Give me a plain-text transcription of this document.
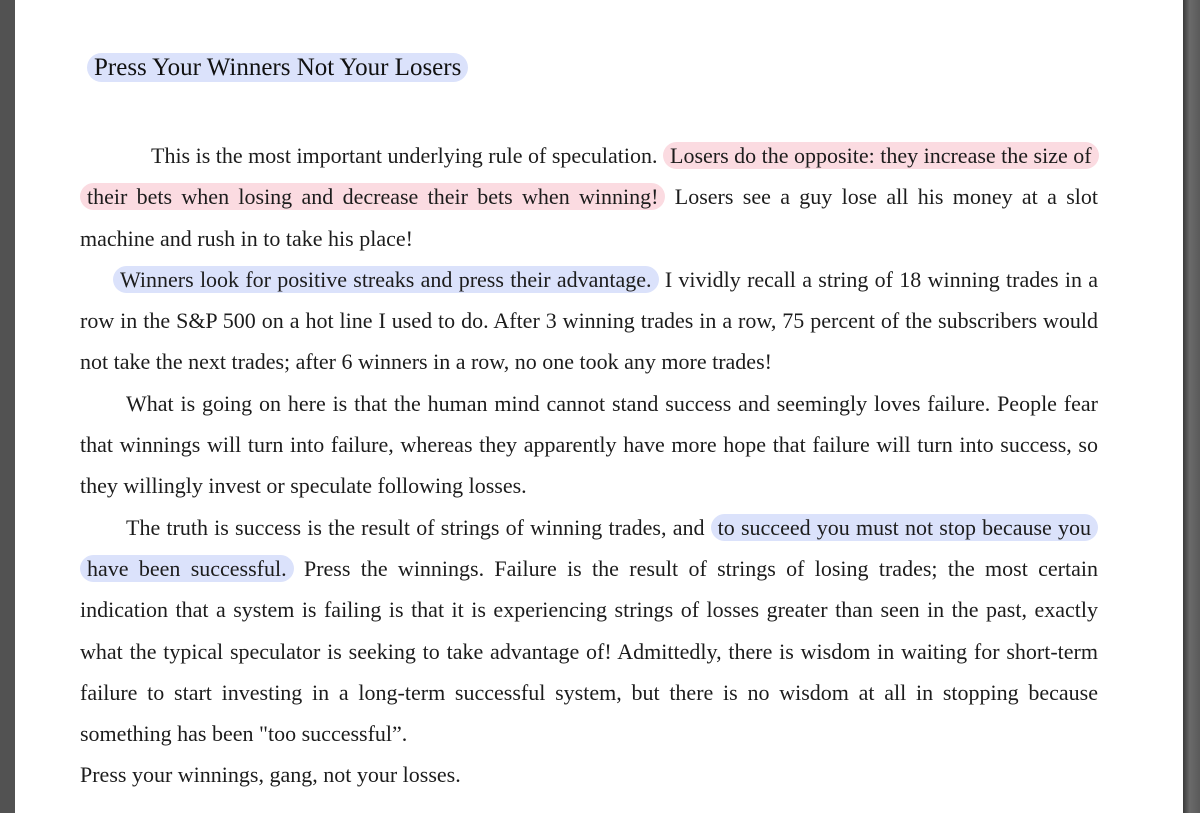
Press Your Winners Not Your Losers

This is the most important underlying rule of speculation. Losers do the opposite: they increase the size of their bets when losing and decrease their bets when winning! Losers see a guy lose all his money at a slot machine and rush in to take his place!

Winners look for positive streaks and press their advantage. I vividly recall a string of 18 winning trades in a row in the S&P 500 on a hot line I used to do. After 3 winning trades in a row, 75 percent of the subscribers would not take the next trades; after 6 winners in a row, no one took any more trades!

What is going on here is that the human mind cannot stand success and seemingly loves failure. People fear that winnings will turn into failure, whereas they apparently have more hope that failure will turn into success, so they willingly invest or speculate following losses.

The truth is success is the result of strings of winning trades, and to succeed you must not stop because you have been successful. Press the winnings. Failure is the result of strings of losing trades; the most certain indication that a system is failing is that it is experiencing strings of losses greater than seen in the past, exactly what the typical speculator is seeking to take advantage of! Admittedly, there is wisdom in waiting for short-term failure to start investing in a long-term successful system, but there is no wisdom at all in stopping because something has been "too successful”.

Press your winnings, gang, not your losses.
